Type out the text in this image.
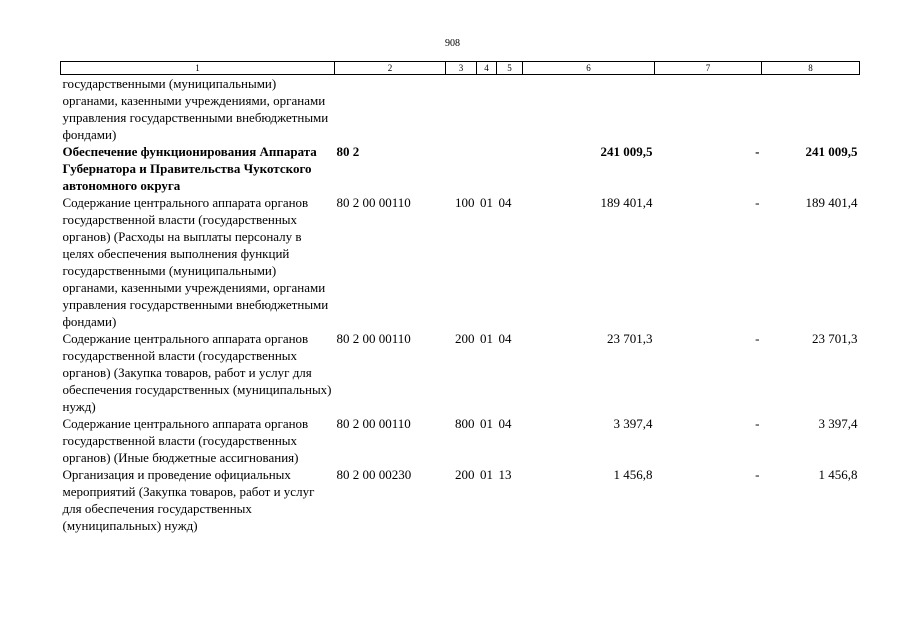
908
1	2	3	4	5	6	7	8
государственными (муниципальными) органами, казенными учреждениями, органами управления государственными внебюджетными фондами)							
Обеспечение функционирования Аппарата Губернатора и Правительства Чукотского автономного округа	80 2				241 009,5	-	241 009,5
Содержание центрального аппарата органов государственной власти (государственных органов) (Расходы на выплаты персоналу в целях обеспечения выполнения функций государственными (муниципальными) органами, казенными учреждениями, органами управления государственными внебюджетными фондами)	80 2 00 00110	100	01	04	189 401,4	-	189 401,4
Содержание центрального аппарата органов государственной власти (государственных органов) (Закупка товаров, работ и услуг для обеспечения государственных (муниципальных) нужд)	80 2 00 00110	200	01	04	23 701,3	-	23 701,3
Содержание центрального аппарата органов государственной власти (государственных органов) (Иные бюджетные ассигнования)	80 2 00 00110	800	01	04	3 397,4	-	3 397,4
Организация и проведение официальных мероприятий (Закупка товаров, работ и услуг для обеспечения государственных (муниципальных) нужд)	80 2 00 00230	200	01	13	1 456,8	-	1 456,8
